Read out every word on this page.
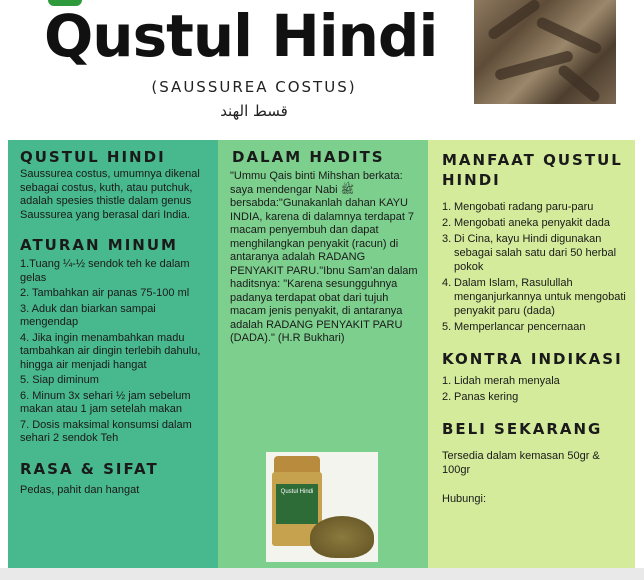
Qustul Hindi
(SAUSSUREA COSTUS)
قسط الهند
QUSTUL HINDI

Saussurea costus, umumnya dikenal sebagai costus, kuth, atau putchuk, adalah spesies thistle dalam genus Saussurea yang berasal dari India.

ATURAN MINUM
1.Tuang ¼-½ sendok teh ke dalam gelas
2. Tambahkan air panas 75-100 ml
3. Aduk dan biarkan sampai mengendap
4. Jika ingin menambahkan madu tambahkan air dingin terlebih dahulu, hingga air menjadi hangat
5. Siap diminum
6. Minum 3x sehari ½ jam sebelum makan atau 1 jam setelah makan
7. Dosis maksimal konsumsi dalam sehari 2 sendok Teh
RASA & SIFAT

Pedas, pahit dan hangat

DALAM HADITS

"Ummu Qais binti Mihshan berkata: saya mendengar Nabi ﷺ bersabda:"Gunakanlah dahan KAYU INDIA, karena di dalamnya terdapat 7 macam penyembuh dan dapat menghilangkan penyakit (racun) di antaranya adalah RADANG PENYAKIT PARU."Ibnu Sam'an dalam haditsnya: "Karena sesungguhnya padanya terdapat obat dari tujuh macam jenis penyakit, di antaranya adalah RADANG PENYAKIT PARU (DADA)." (H.R Bukhari)

Qustul Hindi
MANFAAT QUSTUL HINDI
1. Mengobati radang paru-paru
2. Mengobati aneka penyakit dada
3. Di Cina, kayu Hindi digunakan sebagai salah satu dari 50 herbal pokok
4. Dalam Islam, Rasulullah menganjurkannya untuk mengobati penyakit paru (dada)
5. Memperlancar pencernaan
KONTRA INDIKASI
1. Lidah merah menyala
2. Panas kering
BELI SEKARANG

Tersedia dalam kemasan 50gr & 100gr

Hubungi:
